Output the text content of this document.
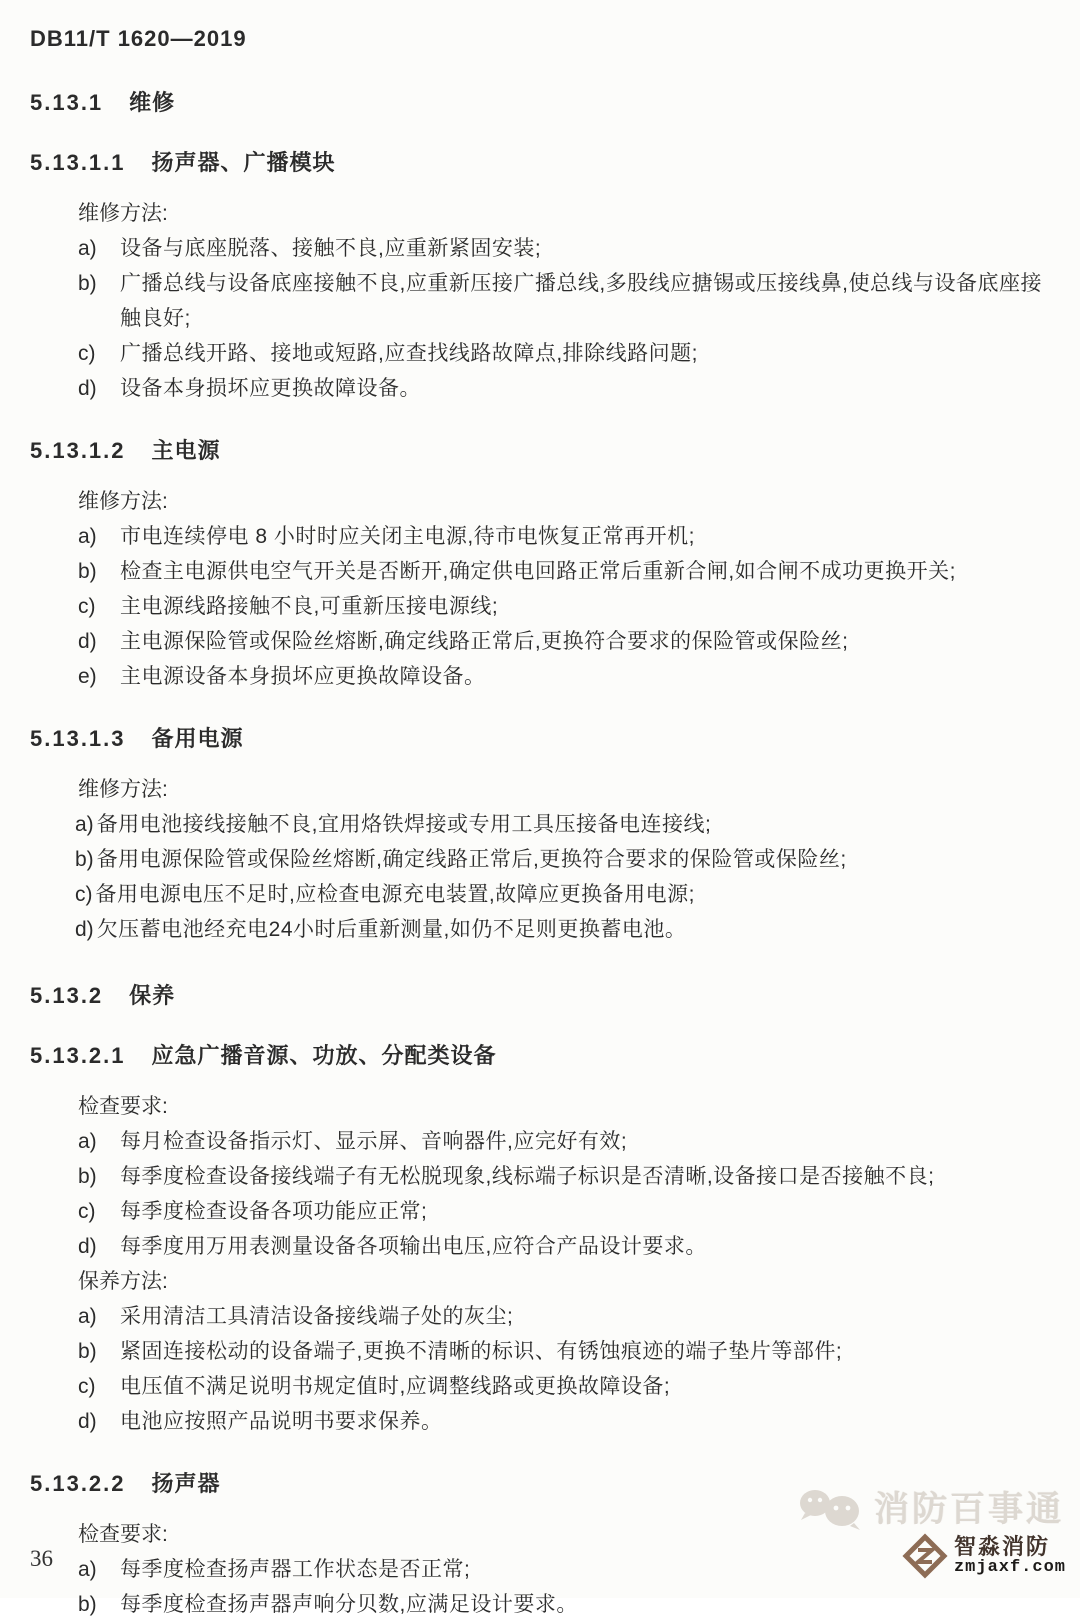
DB11/T 1620—2019
5.13.1 维修
5.13.1.1 扬声器、广播模块

维修方法:

a)	设备与底座脱落、接触不良,应重新紧固安装;
b)	广播总线与设备底座接触不良,应重新压接广播总线,多股线应搪锡或压接线鼻,使总线与设备底座接触良好;
c)	广播总线开路、接地或短路,应查找线路故障点,排除线路问题;
d)	设备本身损坏应更换故障设备。
5.13.1.2 主电源

维修方法:

a)	市电连续停电 8 小时时应关闭主电源,待市电恢复正常再开机;
b)	检查主电源供电空气开关是否断开,确定供电回路正常后重新合闸,如合闸不成功更换开关;
c)	主电源线路接触不良,可重新压接电源线;
d)	主电源保险管或保险丝熔断,确定线路正常后,更换符合要求的保险管或保险丝;
e)	主电源设备本身损坏应更换故障设备。
5.13.1.3 备用电源

维修方法:

a) 备用电池接线接触不良,宜用烙铁焊接或专用工具压接备电连接线;
b) 备用电源保险管或保险丝熔断,确定线路正常后,更换符合要求的保险管或保险丝;
c) 备用电源电压不足时,应检查电源充电装置,故障应更换备用电源;
d) 欠压蓄电池经充电24小时后重新测量,如仍不足则更换蓄电池。
5.13.2 保养
5.13.2.1 应急广播音源、功放、分配类设备

检查要求:

a)	每月检查设备指示灯、显示屏、音响器件,应完好有效;
b)	每季度检查设备接线端子有无松脱现象,线标端子标识是否清晰,设备接口是否接触不良;
c)	每季度检查设备各项功能应正常;
d)	每季度用万用表测量设备各项输出电压,应符合产品设计要求。

保养方法:

a)	采用清洁工具清洁设备接线端子处的灰尘;
b)	紧固连接松动的设备端子,更换不清晰的标识、有锈蚀痕迹的端子垫片等部件;
c)	电压值不满足说明书规定值时,应调整线路或更换故障设备;
d)	电池应按照产品说明书要求保养。
5.13.2.2 扬声器

检查要求:

a)	每季度检查扬声器工作状态是否正常;
b)	每季度检查扬声器声响分贝数,应满足设计要求。
36
消防百事通
智淼消防
zmjaxf.com
